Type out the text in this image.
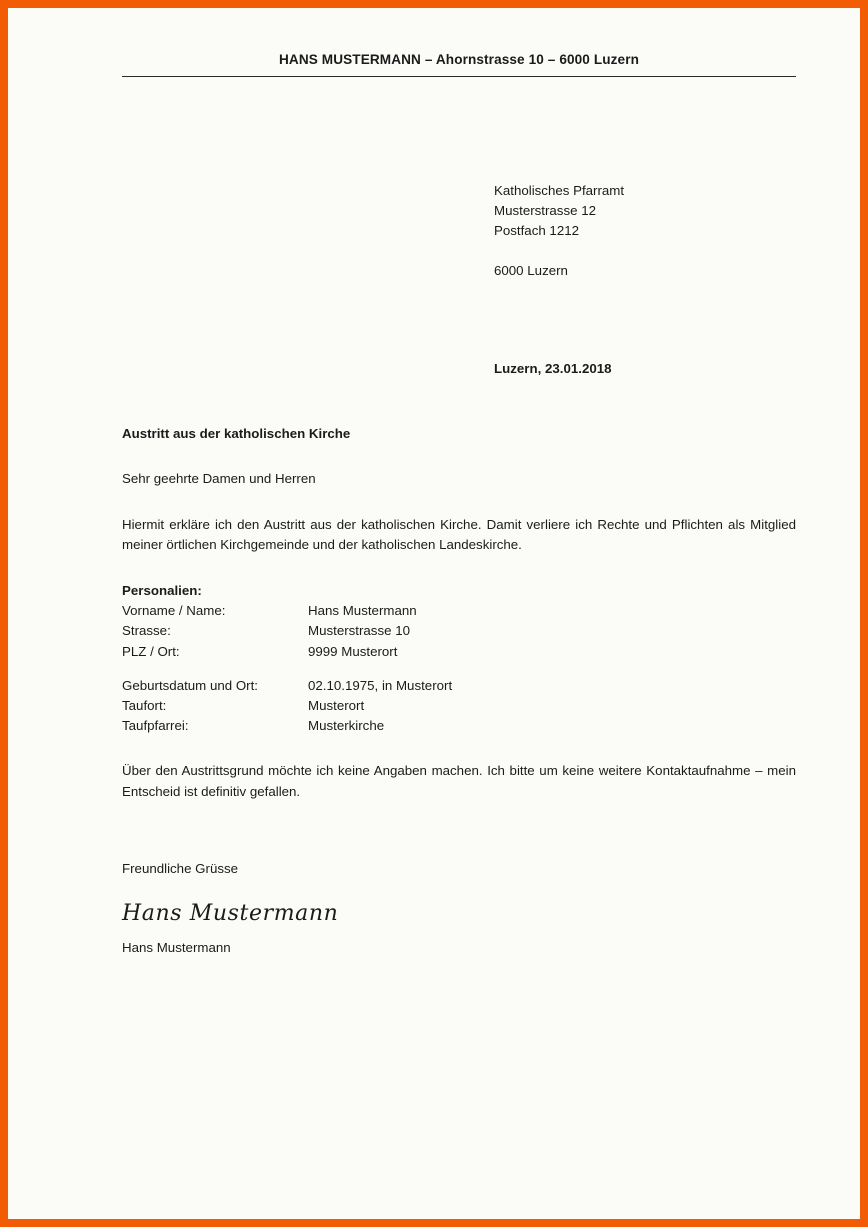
HANS MUSTERMANN – Ahornstrasse 10 – 6000 Luzern
Katholisches Pfarramt
Musterstrasse 12
Postfach 1212
6000 Luzern
Luzern, 23.01.2018
Austritt aus der katholischen Kirche
Sehr geehrte Damen und Herren
Hiermit erkläre ich den Austritt aus der katholischen Kirche. Damit verliere ich Rechte und Pflichten als Mitglied meiner örtlichen Kirchgemeinde und der katholischen Landeskirche.
Personalien:
Vorname / Name:	Hans Mustermann
Strasse:	Musterstrasse 10
PLZ / Ort:	9999 Musterort
Geburtsdatum und Ort:	02.10.1975, in Musterort
Taufort:	Musterort
Taufpfarrei:	Musterkirche
Über den Austrittsgrund möchte ich keine Angaben machen. Ich bitte um keine weitere Kontaktaufnahme – mein Entscheid ist definitiv gefallen.
Freundliche Grüsse
Hans Mustermann
Hans Mustermann
